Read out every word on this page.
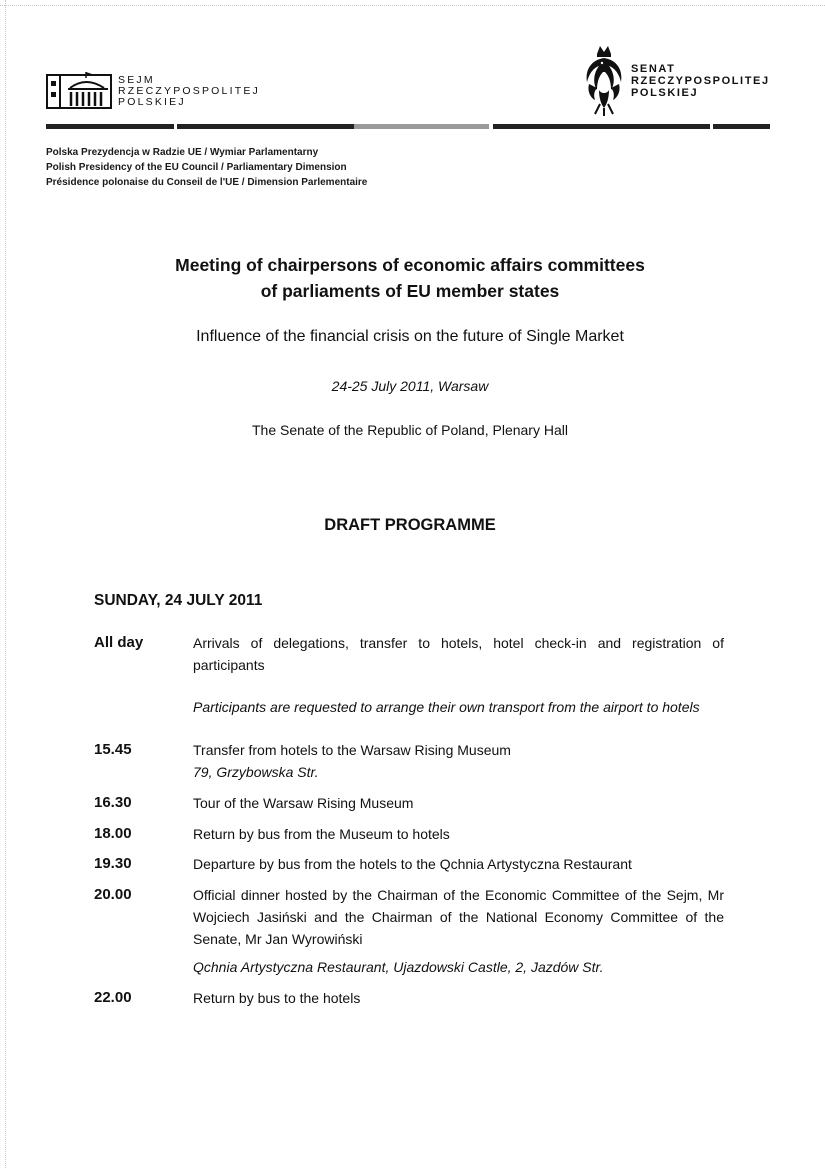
SEJM
RZECZYPOSPOLITEJ
POLSKIEJ
SENAT
RZECZYPOSPOLITEJ
POLSKIEJ
Polska Prezydencja w Radzie UE / Wymiar Parlamentarny
Polish Presidency of the EU Council / Parliamentary Dimension
Présidence polonaise du Conseil de l'UE / Dimension Parlementaire
Meeting of chairpersons of economic affairs committees
of parliaments of EU member states
Influence of the financial crisis on the future of Single Market
24-25 July 2011, Warsaw
The Senate of the Republic of Poland, Plenary Hall
DRAFT PROGRAMME
SUNDAY, 24 JULY 2011
All day	Arrivals of delegations, transfer to hotels, hotel check-in and registration of participants
Participants are requested to arrange their own transport from the airport to hotels
15.45	Transfer from hotels to the Warsaw Rising Museum
79, Grzybowska Str.
16.30	Tour of the Warsaw Rising Museum
18.00	Return by bus from the Museum to hotels
19.30	Departure by bus from the hotels to the Qchnia Artystyczna Restaurant
20.00	Official dinner hosted by the Chairman of the Economic Committee of the Sejm, Mr Wojciech Jasiński and the Chairman of the National Economy Committee of the Senate, Mr Jan Wyrowiński
Qchnia Artystyczna Restaurant, Ujazdowski Castle, 2, Jazdów Str.
22.00	Return by bus to the hotels
